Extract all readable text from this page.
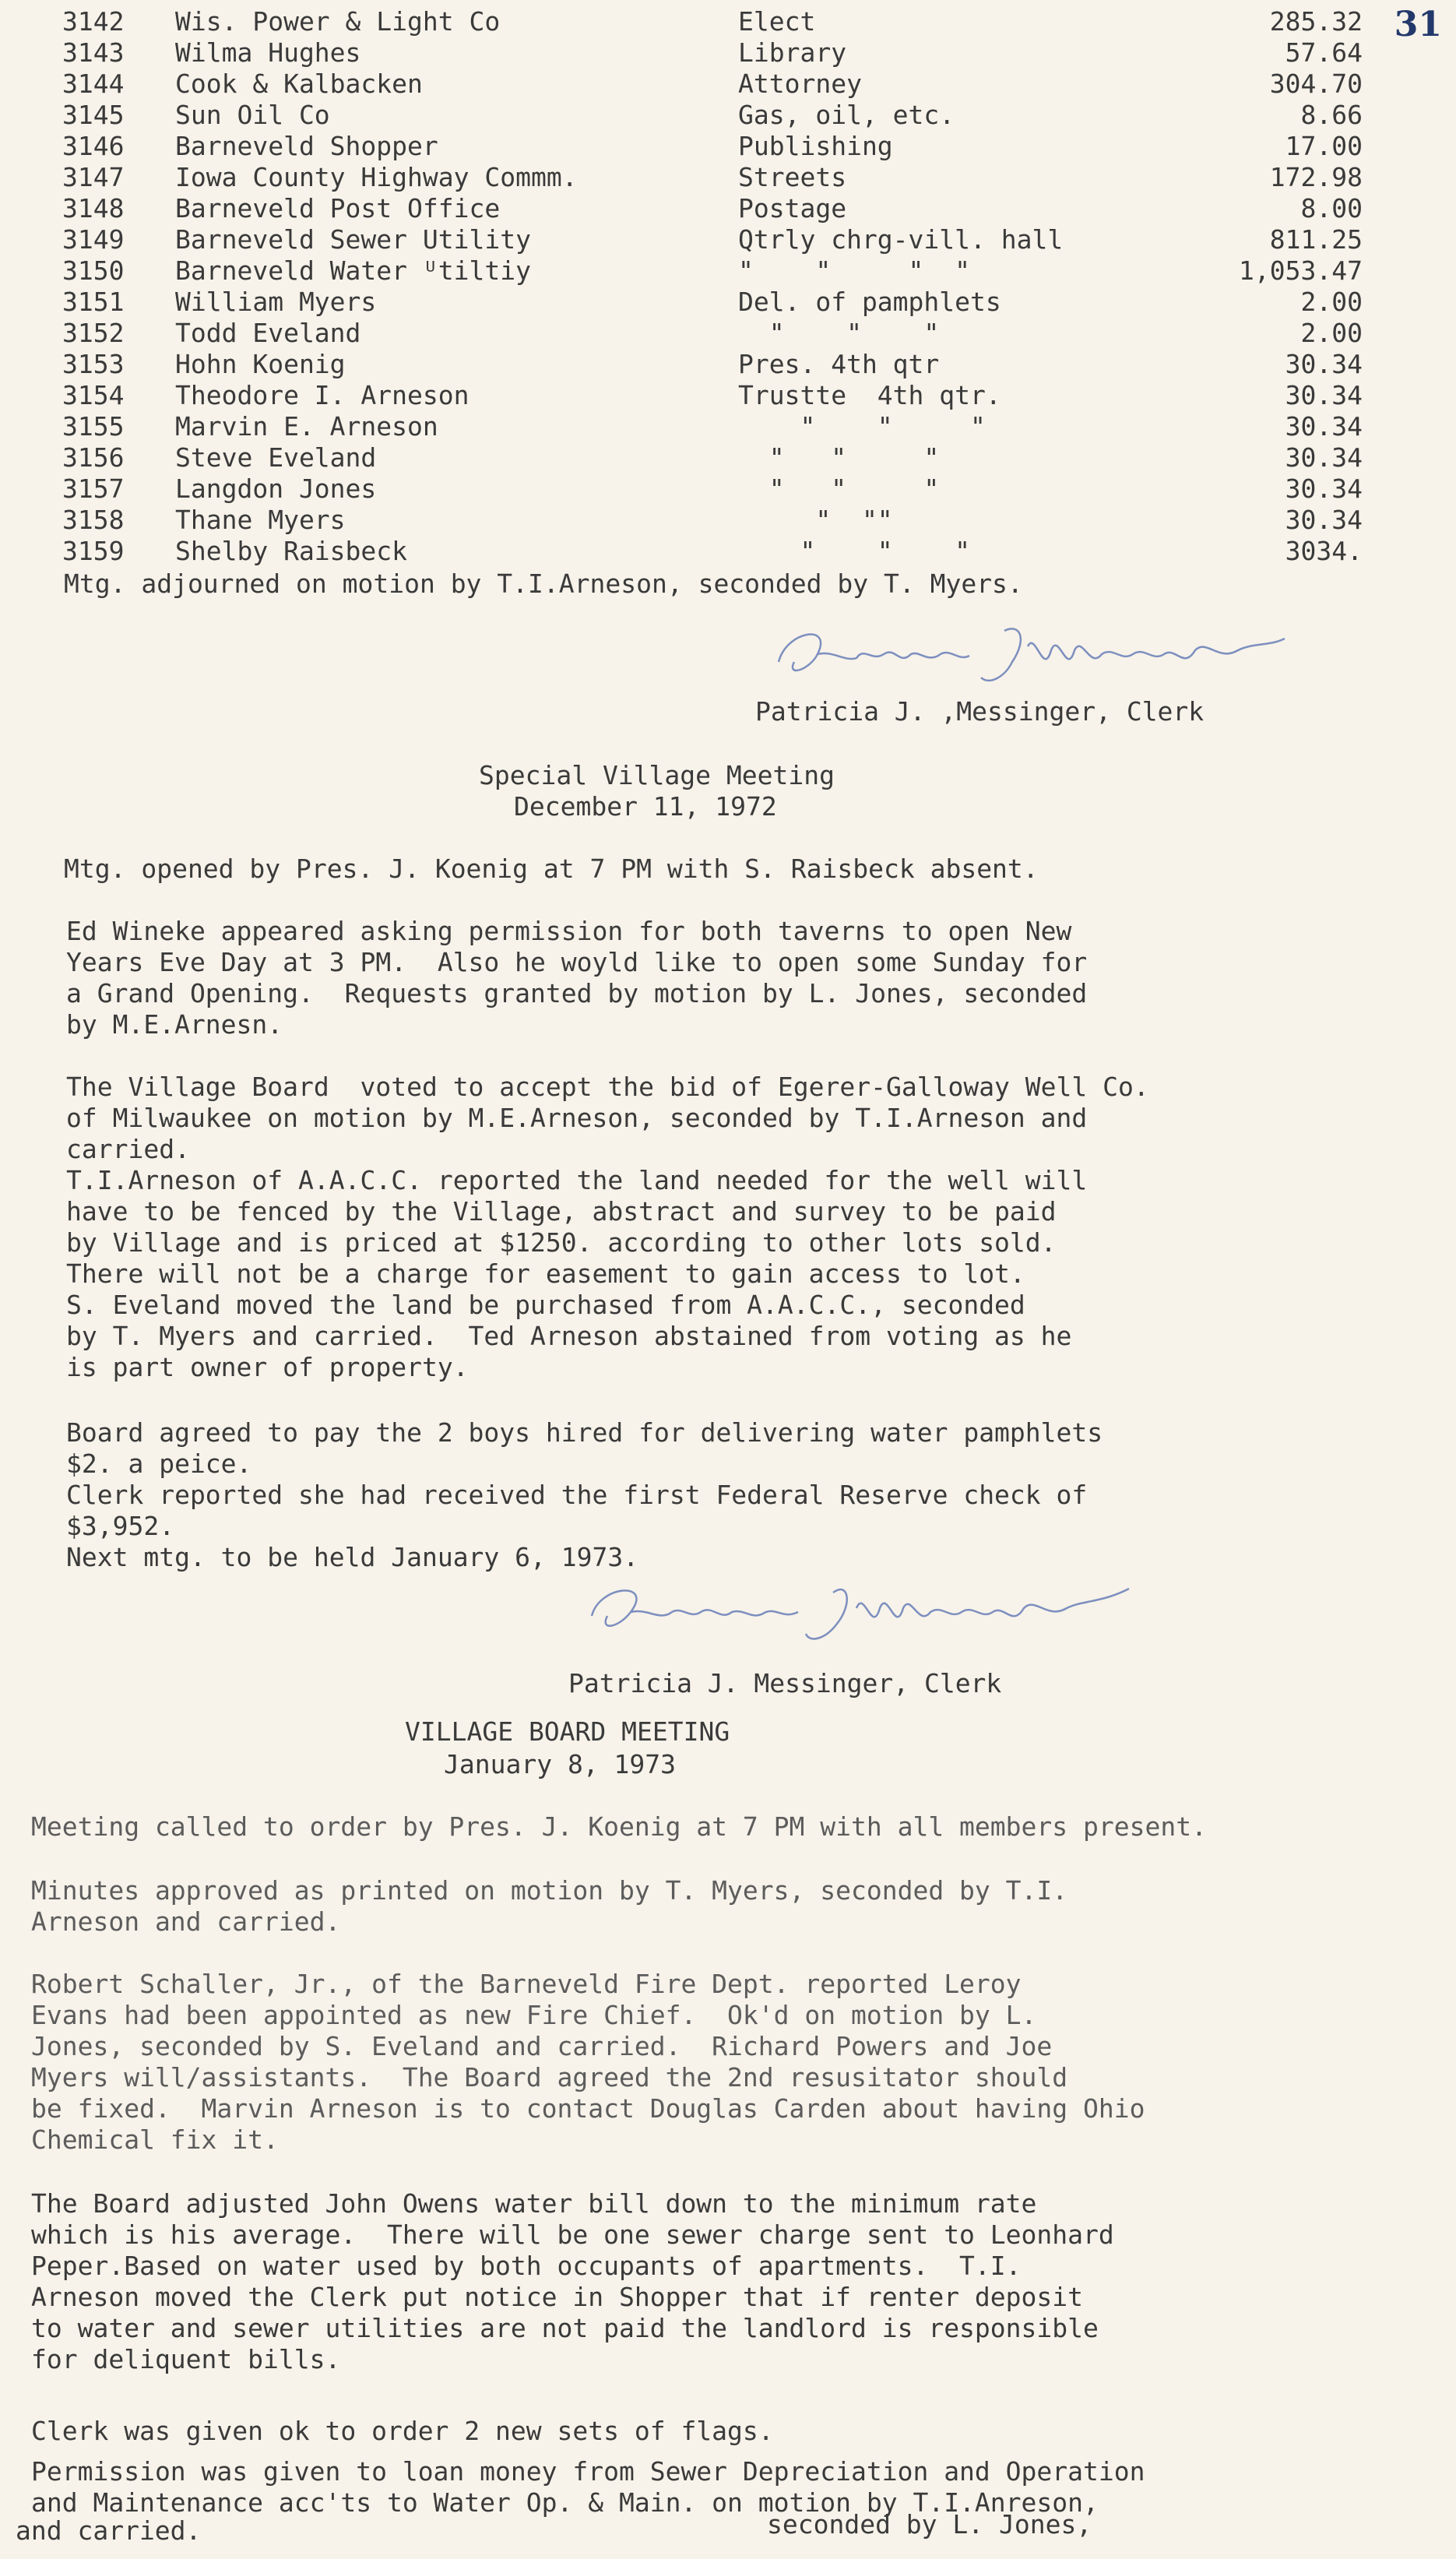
31
3142	Wis. Power & Light Co	Elect	285.32
3143	Wilma Hughes	Library	57.64
3144	Cook & Kalbacken	Attorney	304.70
3145	Sun Oil Co	Gas, oil, etc.	8.66
3146	Barneveld Shopper	Publishing	17.00
3147	Iowa County Highway Commm.	Streets	172.98
3148	Barneveld Post Office	Postage	8.00
3149	Barneveld Sewer Utility	Qtrly chrg-vill. hall	811.25
3150	Barneveld Water ᵁtiltiy	"    "     "  "	1,053.47
3151	William Myers	Del. of pamphlets	2.00
3152	Todd Eveland	"    "    "	2.00
3153	Hohn Koenig	Pres. 4th qtr	30.34
3154	Theodore I. Arneson	Trustte  4th qtr.	30.34
3155	Marvin E. Arneson	"    "     "	30.34
3156	Steve Eveland	"   "     "	30.34
3157	Langdon Jones	"   "     "	30.34
3158	Thane Myers	"  ""	30.34
3159	Shelby Raisbeck	"    "    "	3034.
Mtg. adjourned on motion by T.I.Arneson, seconded by T. Myers.
Patricia J. ,Messinger, Clerk
Special Village Meeting
December 11, 1972
Mtg. opened by Pres. J. Koenig at 7 PM with S. Raisbeck absent.
Ed Wineke appeared asking permission for both taverns to open New
Years Eve Day at 3 PM.  Also he woyld like to open some Sunday for
a Grand Opening.  Requests granted by motion by L. Jones, seconded
by M.E.Arnesn.
The Village Board  voted to accept the bid of Egerer-Galloway Well Co.
of Milwaukee on motion by M.E.Arneson, seconded by T.I.Arneson and
carried.
T.I.Arneson of A.A.C.C. reported the land needed for the well will
have to be fenced by the Village, abstract and survey to be paid
by Village and is priced at $1250. according to other lots sold.
There will not be a charge for easement to gain access to lot.
S. Eveland moved the land be purchased from A.A.C.C., seconded
by T. Myers and carried.  Ted Arneson abstained from voting as he
is part owner of property.
Board agreed to pay the 2 boys hired for delivering water pamphlets
$2. a peice.
Clerk reported she had received the first Federal Reserve check of
$3,952.
Next mtg. to be held January 6, 1973.
Patricia J. Messinger, Clerk
VILLAGE BOARD MEETING
January 8, 1973
Meeting called to order by Pres. J. Koenig at 7 PM with all members present.
Minutes approved as printed on motion by T. Myers, seconded by T.I.
Arneson and carried.
Robert Schaller, Jr., of the Barneveld Fire Dept. reported Leroy
Evans had been appointed as new Fire Chief.  Ok'd on motion by L.
Jones, seconded by S. Eveland and carried.  Richard Powers and Joe
Myers will/assistants.  The Board agreed the 2nd resusitator should
be fixed.  Marvin Arneson is to contact Douglas Carden about having Ohio
Chemical fix it.
The Board adjusted John Owens water bill down to the minimum rate
which is his average.  There will be one sewer charge sent to Leonhard
Peper.Based on water used by both occupants of apartments.  T.I.
Arneson moved the Clerk put notice in Shopper that if renter deposit
to water and sewer utilities are not paid the landlord is responsible
for deliquent bills.
Clerk was given ok to order 2 new sets of flags.
Permission was given to loan money from Sewer Depreciation and Operation
and Maintenance acc'ts to Water Op. & Main. on motion by T.I.Anreson,
and carried.	seconded by L. Jones,
